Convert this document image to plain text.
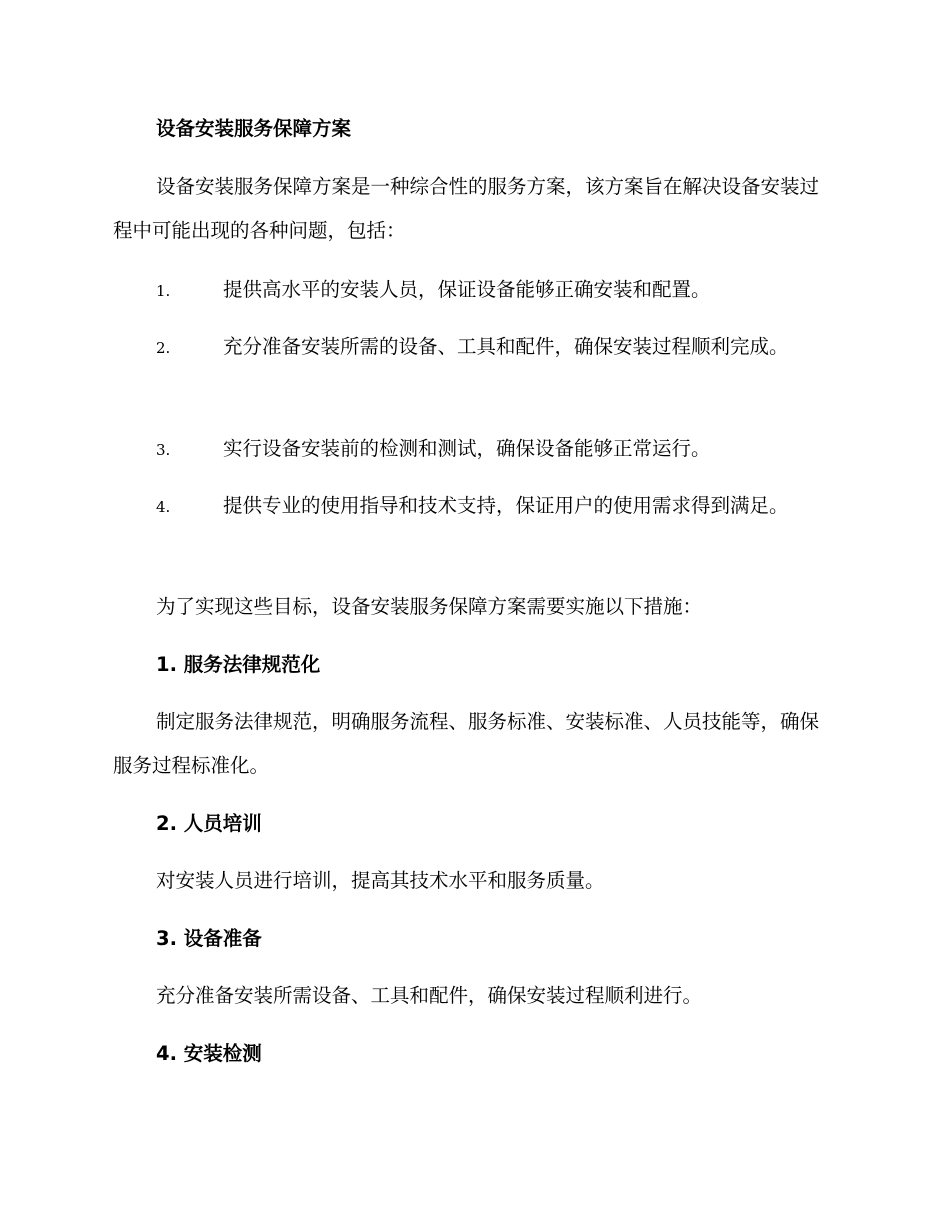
设备安装服务保障方案

设备安装服务保障方案是一种综合性的服务方案，该方案旨在解决设备安装过程中可能出现的各种问题，包括：

1.	提供高水平的安装人员，保证设备能够正确安装和配置。

2.	充分准备安装所需的设备、工具和配件，确保安装过程顺利完成。

3.	实行设备安装前的检测和测试，确保设备能够正常运行。

4.	提供专业的使用指导和技术支持，保证用户的使用需求得到满足。

为了实现这些目标，设备安装服务保障方案需要实施以下措施：

1. 服务法律规范化

制定服务法律规范，明确服务流程、服务标准、安装标准、人员技能等，确保服务过程标准化。

2. 人员培训

对安装人员进行培训，提高其技术水平和服务质量。

3. 设备准备

充分准备安装所需设备、工具和配件，确保安装过程顺利进行。

4. 安装检测
